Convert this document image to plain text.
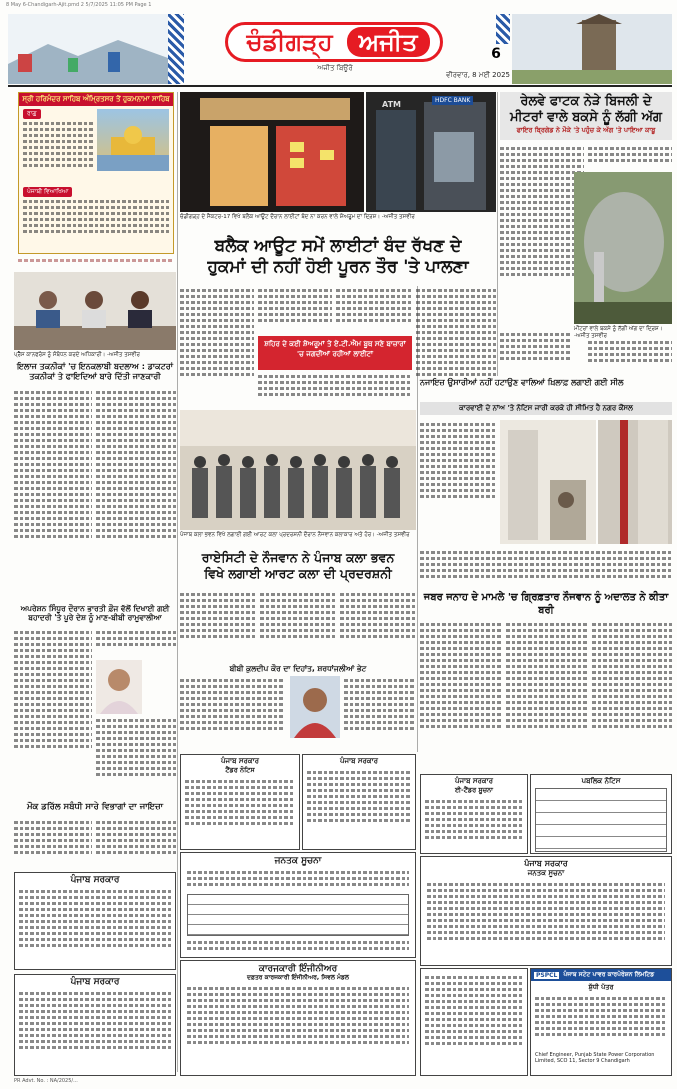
8 May 6-Chandigarh-Ajit.pmd 2 5/7/2025 11:05 PM Page 1
ਚੰਡੀਗੜ੍ਹ	ਅਜੀਤ
ਅਜੀਤ ਬਿਊਰੋ
ਵੀਰਵਾਰ, 8 ਮਈ 2025
6
ਸ੍ਰੀ ਹਰਿਮੰਦਰ ਸਾਹਿਬ ਅੰਮ੍ਰਿਤਸਰ ਤੋਂ ਹੁਕਮਨਾਮਾ ਸਾਹਿਬ
ਰਾਗੁ
ਪੰਜਾਬੀ ਵਿਆਖਿਆ
ATM	HDFC BANK
ਚੰਡੀਗੜ੍ਹ ਦੇ ਸੈਕਟਰ-17 ਵਿਖੇ ਬਲੈਕ ਆਊਟ ਦੌਰਾਨ ਲਾਈਟਾਂ ਬੰਦ ਨਾ ਕਰਨ ਵਾਲੇ ਸ਼ੋਅਰੂਮ ਦਾ ਦ੍ਰਿਸ਼। -ਅਜੀਤ ਤਸਵੀਰ
ਬਲੈਕ ਆਊਟ ਸਮੇਂ ਲਾਈਟਾਂ ਬੰਦ ਰੱਖਣ ਦੇ
ਹੁਕਮਾਂ ਦੀ ਨਹੀਂ ਹੋਈ ਪੂਰਨ ਤੌਰ 'ਤੇ ਪਾਲਣਾ
ਸ਼ਹਿਰ ਦੇ ਕਈ ਸ਼ੋਅਰੂਮਾਂ ਤੇ ਏ.ਟੀ.ਐਮ ਬੂਥ ਸਣੇ ਬਾਜ਼ਾਰਾਂ 'ਚ ਜਗਦੀਆਂ ਰਹੀਆਂ ਲਾਈਟਾਂ
ਰੇਲਵੇ ਫਾਟਕ ਨੇੜੇ ਬਿਜਲੀ ਦੇ
ਮੀਟਰਾਂ ਵਾਲੇ ਬਕਸੇ ਨੂੰ ਲੱਗੀ ਅੱਗ
ਫਾਇਰ ਬ੍ਰਿਗੇਡ ਨੇ ਮੌਕੇ 'ਤੇ ਪਹੁੰਚ ਕੇ ਅੱਗ 'ਤੇ ਪਾਇਆ ਕਾਬੂ
ਮੀਟਰਾਂ ਵਾਲੇ ਬਕਸੇ ਨੂੰ ਲੱਗੀ ਅੱਗ ਦਾ ਦ੍ਰਿਸ਼। -ਅਜੀਤ ਤਸਵੀਰ
ਪ੍ਰੈੱਸ ਕਾਨਫਰੰਸ ਨੂੰ ਸੰਬੋਧਨ ਕਰਦੇ ਅਧਿਕਾਰੀ। -ਅਜੀਤ ਤਸਵੀਰ
ਇਲਾਜ ਤਕਨੀਕਾਂ 'ਚ ਇਨਕਲਾਬੀ ਬਦਲਾਅ : ਡਾਕਟਰਾਂ
ਤਕਨੀਕਾਂ ਤੇ ਫਾਇਦਿਆਂ ਬਾਰੇ ਦਿੱਤੀ ਜਾਣਕਾਰੀ
ਪੰਜਾਬ ਕਲਾ ਭਵਨ ਵਿਖੇ ਲਗਾਈ ਗਈ ਆਰਟ ਕਲਾ ਪ੍ਰਦਰਸ਼ਨੀ ਦੌਰਾਨ ਨੌਜਵਾਨ ਕਲਾਕਾਰ ਅਤੇ ਹੋਰ। -ਅਜੀਤ ਤਸਵੀਰ
ਰਾਏਸਿਟੀ ਦੇ ਨੌਜਵਾਨ ਨੇ ਪੰਜਾਬ ਕਲਾ ਭਵਨ
ਵਿਖੇ ਲਗਾਈ ਆਰਟ ਕਲਾ ਦੀ ਪ੍ਰਦਰਸ਼ਨੀ
ਨਜਾਇਜ਼ ਉਸਾਰੀਆਂ ਨਹੀਂ ਹਟਾਉਣ ਵਾਲਿਆਂ ਖ਼ਿਲਾਫ਼ ਲਗਾਈ ਗਈ ਸੀਲ
ਕਾਰਵਾਈ ਦੇ ਨਾਂਅ 'ਤੇ ਨੋਟਿਸ ਜਾਰੀ ਕਰਕੇ ਹੀ ਸੀਮਿਤ ਹੈ ਨਗਰ ਕੌਂਸਲ
ਜਬਰ ਜਨਾਹ ਦੇ ਮਾਮਲੇ 'ਚ ਗ੍ਰਿਫ਼ਤਾਰ ਨੌਜਵਾਨ ਨੂੰ ਅਦਾਲਤ ਨੇ ਕੀਤਾ ਬਰੀ
ਅਪਰੇਸ਼ਨ ਸਿੰਧੂਰ ਦੌਰਾਨ ਭਾਰਤੀ ਫ਼ੌਜ ਵੱਲੋਂ ਦਿਖਾਈ ਗਈ
ਬਹਾਦਰੀ 'ਤੇ ਪੂਰੇ ਦੇਸ਼ ਨੂੰ ਮਾਣ-ਬੀਬੀ ਰਾਮੂਵਾਲੀਆ
ਬੀਬੀ ਕੁਲਦੀਪ ਕੌਰ ਦਾ ਦਿਹਾਂਤ, ਸ਼ਰਧਾਂਜਲੀਆਂ ਭੇਟ
ਮੌਕ ਡਰਿੱਲ ਸਬੰਧੀ ਸਾਰੇ ਵਿਭਾਗਾਂ ਦਾ ਜਾਇਜ਼ਾ
ਪੰਜਾਬ ਸਰਕਾਰ
ਪੰਜਾਬ ਸਰਕਾਰ
ਪੰਜਾਬ ਸਰਕਾਰ
ਟੈਂਡਰ ਨੋਟਿਸ
ਪੰਜਾਬ ਸਰਕਾਰ
ਜਨਤਕ ਸੂਚਨਾ
ਕਾਰਜਕਾਰੀ ਇੰਜੀਨੀਅਰ
ਦਫ਼ਤਰ ਕਾਰਜਕਾਰੀ ਇੰਜੀਨੀਅਰ, ਸਿਵਲ ਮੰਡਲ
ਪੰਜਾਬ ਸਰਕਾਰ
ਈ-ਟੈਂਡਰ ਸੂਚਨਾ
ਪਬਲਿਕ ਨੋਟਿਸ
ਪੰਜਾਬ ਸਰਕਾਰ
ਜਨਤਕ ਸੂਚਨਾ
PSPCL	ਪੰਜਾਬ ਸਟੇਟ ਪਾਵਰ ਕਾਰਪੋਰੇਸ਼ਨ ਲਿਮਟਿਡ
ਸ਼ੁੱਧੀ ਪੱਤਰ
Chief Engineer, Punjab State Power Corporation Limited, SCO 11, Sector 9 Chandigarh
PR Advt. No. : NA/2025/...
